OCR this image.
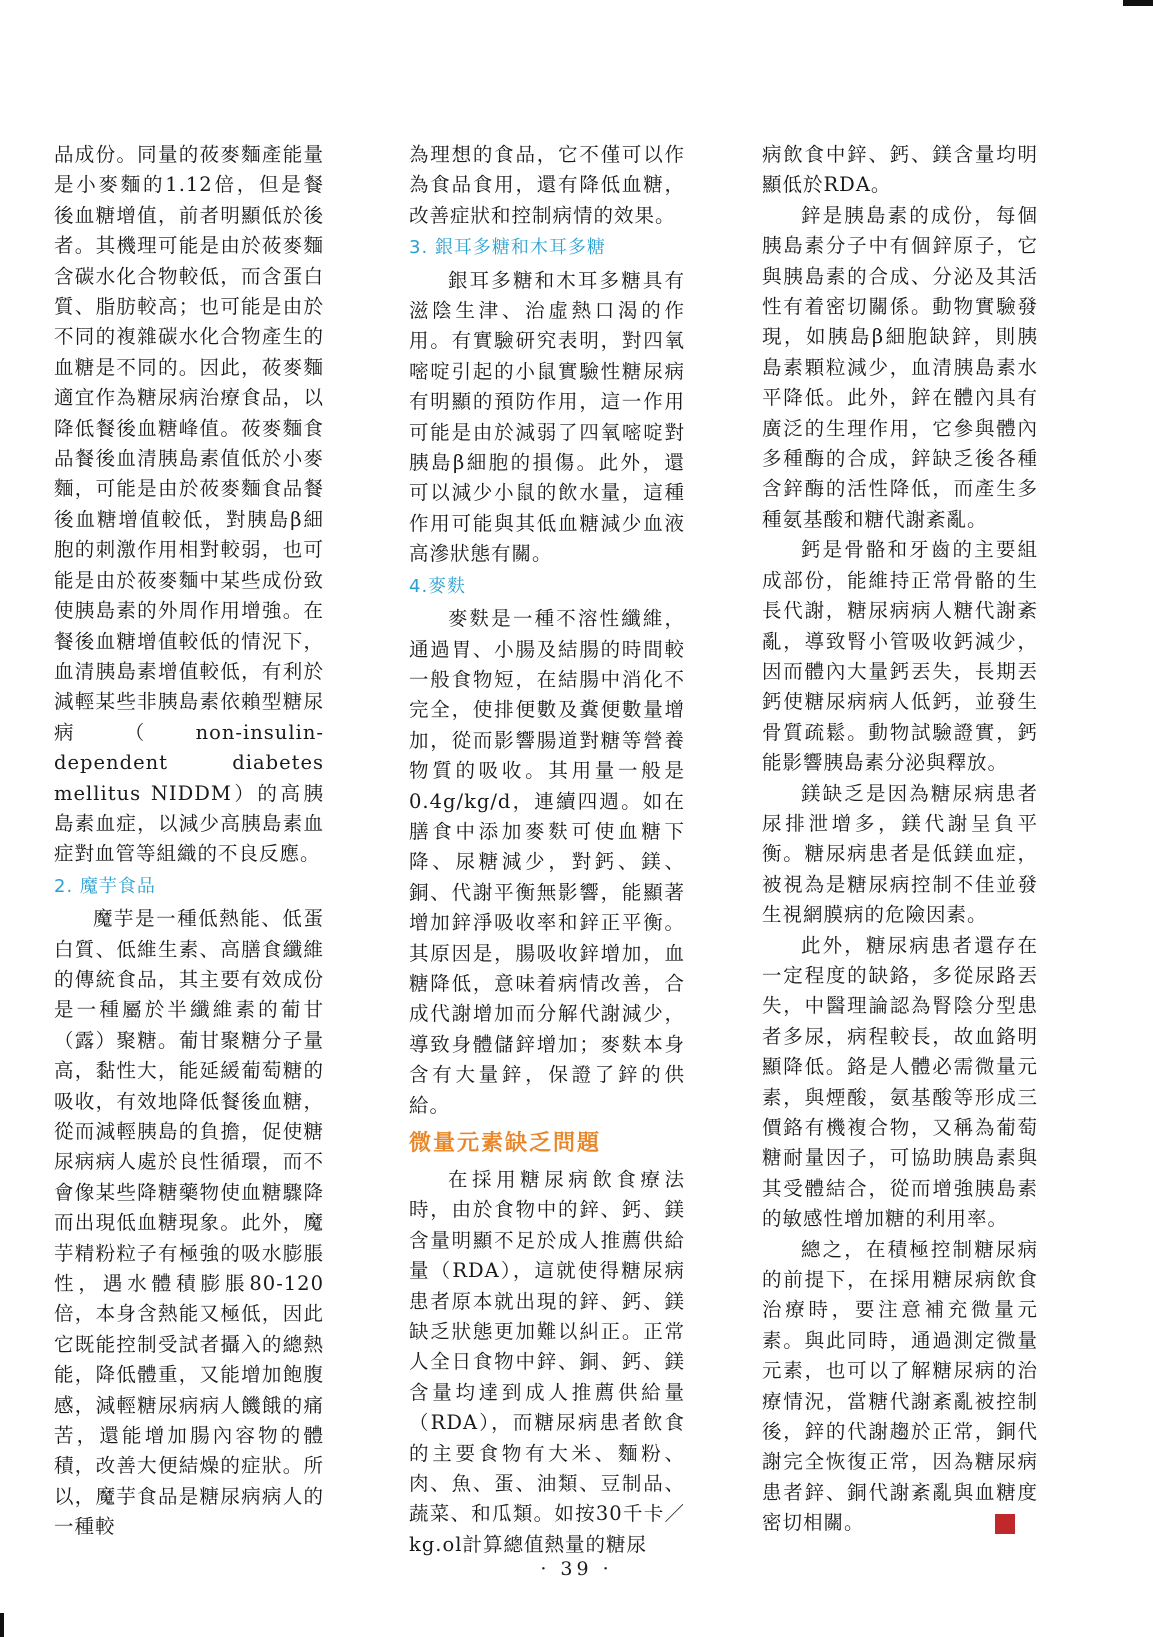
品成份。同量的莜麥麵產能量是小麥麵的1.12倍，但是餐後血糖增值，前者明顯低於後者。其機理可能是由於莜麥麵含碳水化合物較低，而含蛋白質、脂肪較高；也可能是由於不同的複雜碳水化合物產生的血糖是不同的。因此，莜麥麵適宜作為糖尿病治療食品，以降低餐後血糖峰值。莜麥麵食品餐後血清胰島素值低於小麥麵，可能是由於莜麥麵食品餐後血糖增值較低，對胰島β細胞的刺激作用相對較弱，也可能是由於莜麥麵中某些成份致使胰島素的外周作用增強。在餐後血糖增值較低的情況下，血清胰島素增值較低，有利於減輕某些非胰島素依賴型糖尿病（non-insulin-dependent diabetes mellitus NIDDM）的高胰島素血症，以減少高胰島素血症對血管等組織的不良反應。

2. 魔芋食品

魔芋是一種低熱能、低蛋白質、低維生素、高膳食纖維的傳統食品，其主要有效成份是一種屬於半纖維素的葡甘（露）聚糖。葡甘聚糖分子量高，黏性大，能延緩葡萄糖的吸收，有效地降低餐後血糖，從而減輕胰島的負擔，促使糖尿病病人處於良性循環，而不會像某些降糖藥物使血糖驟降而出現低血糖現象。此外，魔芋精粉粒子有極強的吸水膨脹性，遇水體積膨脹80-120倍，本身含熱能又極低，因此它既能控制受試者攝入的總熱能，降低體重，又能增加飽腹感，減輕糖尿病病人饑餓的痛苦，還能增加腸內容物的體積，改善大便結燥的症狀。所以，魔芋食品是糖尿病病人的一種較

為理想的食品，它不僅可以作為食品食用，還有降低血糖，改善症狀和控制病情的效果。

3. 銀耳多糖和木耳多糖

銀耳多糖和木耳多糖具有滋陰生津、治虛熱口渴的作用。有實驗研究表明，對四氧嘧啶引起的小鼠實驗性糖尿病有明顯的預防作用，這一作用可能是由於減弱了四氧嘧啶對胰島β細胞的損傷。此外，還可以減少小鼠的飲水量，這種作用可能與其低血糖減少血液高滲狀態有關。

4.麥麩

麥麩是一種不溶性纖維，通過胃、小腸及結腸的時間較一般食物短，在結腸中消化不完全，使排便數及糞便數量增加，從而影響腸道對糖等營養物質的吸收。其用量一般是0.4g/kg/d，連續四週。如在膳食中添加麥麩可使血糖下降、尿糖減少，對鈣、鎂、銅、代謝平衡無影響，能顯著增加鋅淨吸收率和鋅正平衡。其原因是，腸吸收鋅增加，血糖降低，意味着病情改善，合成代謝增加而分解代謝減少，導致身體儲鋅增加；麥麩本身含有大量鋅，保證了鋅的供給。

微量元素缺乏問題

在採用糖尿病飲食療法時，由於食物中的鋅、鈣、鎂含量明顯不足於成人推薦供給量（RDA），這就使得糖尿病患者原本就出現的鋅、鈣、鎂缺乏狀態更加難以糾正。正常人全日食物中鋅、銅、鈣、鎂含量均達到成人推薦供給量（RDA），而糖尿病患者飲食的主要食物有大米、麵粉、肉、魚、蛋、油類、豆制品、蔬菜、和瓜類。如按30千卡／kg.ol計算總值熱量的糖尿

病飲食中鋅、鈣、鎂含量均明顯低於RDA。

鋅是胰島素的成份，每個胰島素分子中有個鋅原子，它與胰島素的合成、分泌及其活性有着密切關係。動物實驗發現，如胰島β細胞缺鋅，則胰島素顆粒減少，血清胰島素水平降低。此外，鋅在體內具有廣泛的生理作用，它參與體內多種酶的合成，鋅缺乏後各種含鋅酶的活性降低，而產生多種氨基酸和糖代謝紊亂。

鈣是骨骼和牙齒的主要組成部份，能維持正常骨骼的生長代謝，糖尿病病人糖代謝紊亂，導致腎小管吸收鈣減少，因而體內大量鈣丟失，長期丟鈣使糖尿病病人低鈣，並發生骨質疏鬆。動物試驗證實，鈣能影響胰島素分泌與釋放。

鎂缺乏是因為糖尿病患者尿排泄增多，鎂代謝呈負平衡。糖尿病患者是低鎂血症，被視為是糖尿病控制不佳並發生視網膜病的危險因素。

此外，糖尿病患者還存在一定程度的缺鉻，多從尿路丟失，中醫理論認為腎陰分型患者多尿，病程較長，故血鉻明顯降低。鉻是人體必需微量元素，與煙酸，氨基酸等形成三價鉻有機複合物，又稱為葡萄糖耐量因子，可協助胰島素與其受體結合，從而增強胰島素的敏感性增加糖的利用率。

總之，在積極控制糖尿病的前提下，在採用糖尿病飲食治療時，要注意補充微量元素。與此同時，通過測定微量元素，也可以了解糖尿病的治療情況，當糖代謝紊亂被控制後，鋅的代謝趨於正常，銅代謝完全恢復正常，因為糖尿病患者鋅、銅代謝紊亂與血糖度密切相關。	樹

· 39 ·
